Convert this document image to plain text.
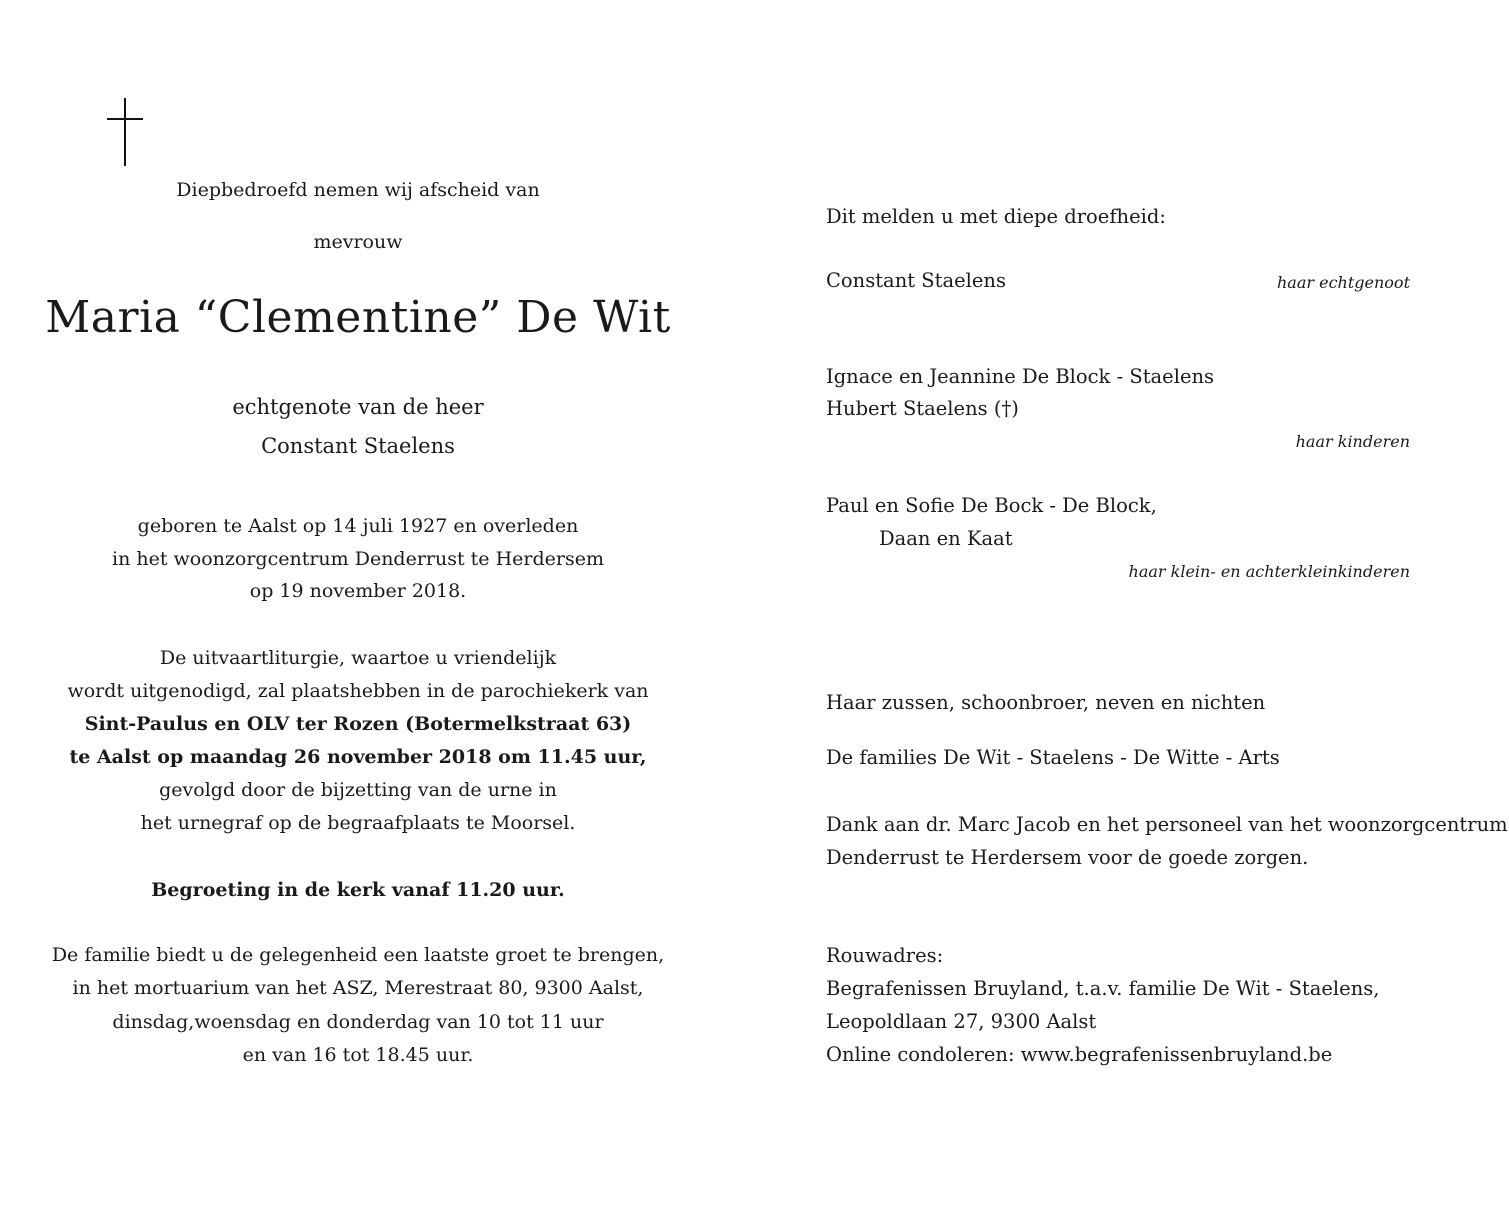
Diepbedroefd nemen wij afscheid van
mevrouw
Maria “Clementine” De Wit
echtgenote van de heer
Constant Staelens
geboren te Aalst op 14 juli 1927 en overleden
in het woonzorgcentrum Denderrust te Herdersem
op 19 november 2018.
De uitvaartliturgie, waartoe u vriendelijk
wordt uitgenodigd, zal plaatshebben in de parochiekerk van
Sint-Paulus en OLV ter Rozen (Botermelkstraat 63)
te Aalst op maandag 26 november 2018 om 11.45 uur,
gevolgd door de bijzetting van de urne in
het urnegraf op de begraafplaats te Moorsel.
Begroeting in de kerk vanaf 11.20 uur.
De familie biedt u de gelegenheid een laatste groet te brengen,
in het mortuarium van het ASZ, Merestraat 80, 9300 Aalst,
dinsdag,woensdag en donderdag van 10 tot 11 uur
en van 16 tot 18.45 uur.
Dit melden u met diepe droefheid:
Constant Staelens	haar echtgenoot
Ignace en Jeannine De Block - Staelens
Hubert Staelens (†)
haar kinderen
Paul en Sofie De Bock - De Block,
Daan en Kaat
haar klein- en achterkleinkinderen
Haar zussen, schoonbroer, neven en nichten
De families De Wit - Staelens - De Witte - Arts
Dank aan dr. Marc Jacob en het personeel van het woonzorgcentrum
Denderrust te Herdersem voor de goede zorgen.
Rouwadres:
Begrafenissen Bruyland, t.a.v. familie De Wit - Staelens,
Leopoldlaan 27, 9300 Aalst
Online condoleren: www.begrafenissenbruyland.be
